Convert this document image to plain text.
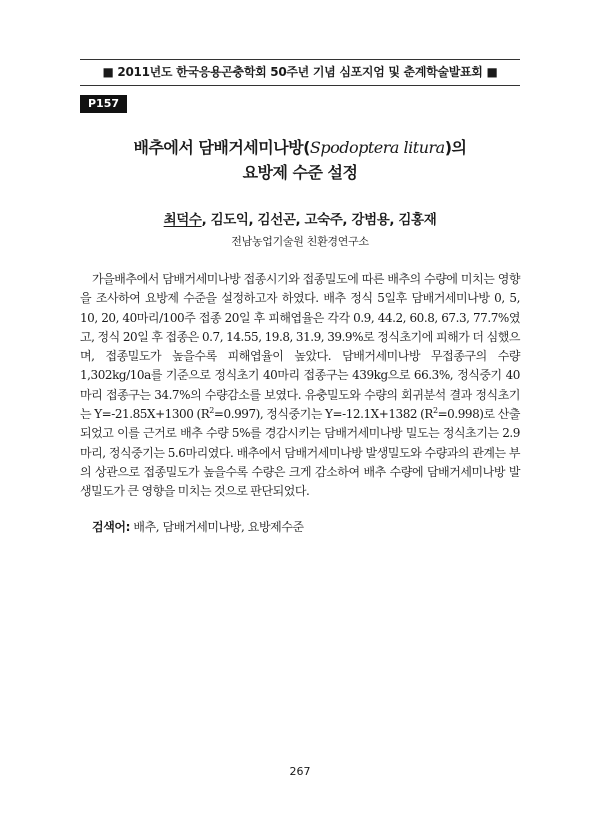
■ 2011년도 한국응용곤충학회 50주년 기념 심포지엄 및 춘계학술발표회 ■
P157
배추에서 담배거세미나방(Spodoptera litura)의
요방제 수준 설정
최덕수, 김도익, 김선곤, 고숙주, 강범용, 김홍재
전남농업기술원 친환경연구소

가을배추에서 담배거세미나방 접종시기와 접종밀도에 따른 배추의 수량에 미치는 영향을 조사하여 요방제 수준을 설정하고자 하였다. 배추 정식 5일후 담배거세미나방 0, 5, 10, 20, 40마리/100주 접종 20일 후 피해엽율은 각각 0.9, 44.2, 60.8, 67.3, 77.7%였고, 정식 20일 후 접종은 0.7, 14.55, 19.8, 31.9, 39.9%로 정식초기에 피해가 더 심했으며, 접종밀도가 높을수록 피해엽율이 높았다. 담배거세미나방 무접종구의 수량 1,302kg/10a를 기준으로 정식초기 40마리 접종구는 439kg으로 66.3%, 정식중기 40마리 접종구는 34.7%의 수량감소를 보였다. 유충밀도와 수량의 회귀분석 결과 정식초기는 Y=-21.85X+1300 $(R^2=0.997)$, 정식중기는 Y=-12.1X+1382 $(R^2=0.998)$로 산출되었고 이를 근거로 배추 수량 5%를 경감시키는 담배거세미나방 밀도는 정식초기는 2.9마리, 정식중기는 5.6마리였다. 배추에서 담배거세미나방 발생밀도와 수량과의 관계는 부의 상관으로 접종밀도가 높을수록 수량은 크게 감소하여 배추 수량에 담배거세미나방 발생밀도가 큰 영향을 미치는 것으로 판단되었다.

검색어: 배추, 담배거세미나방, 요방제수준
267
